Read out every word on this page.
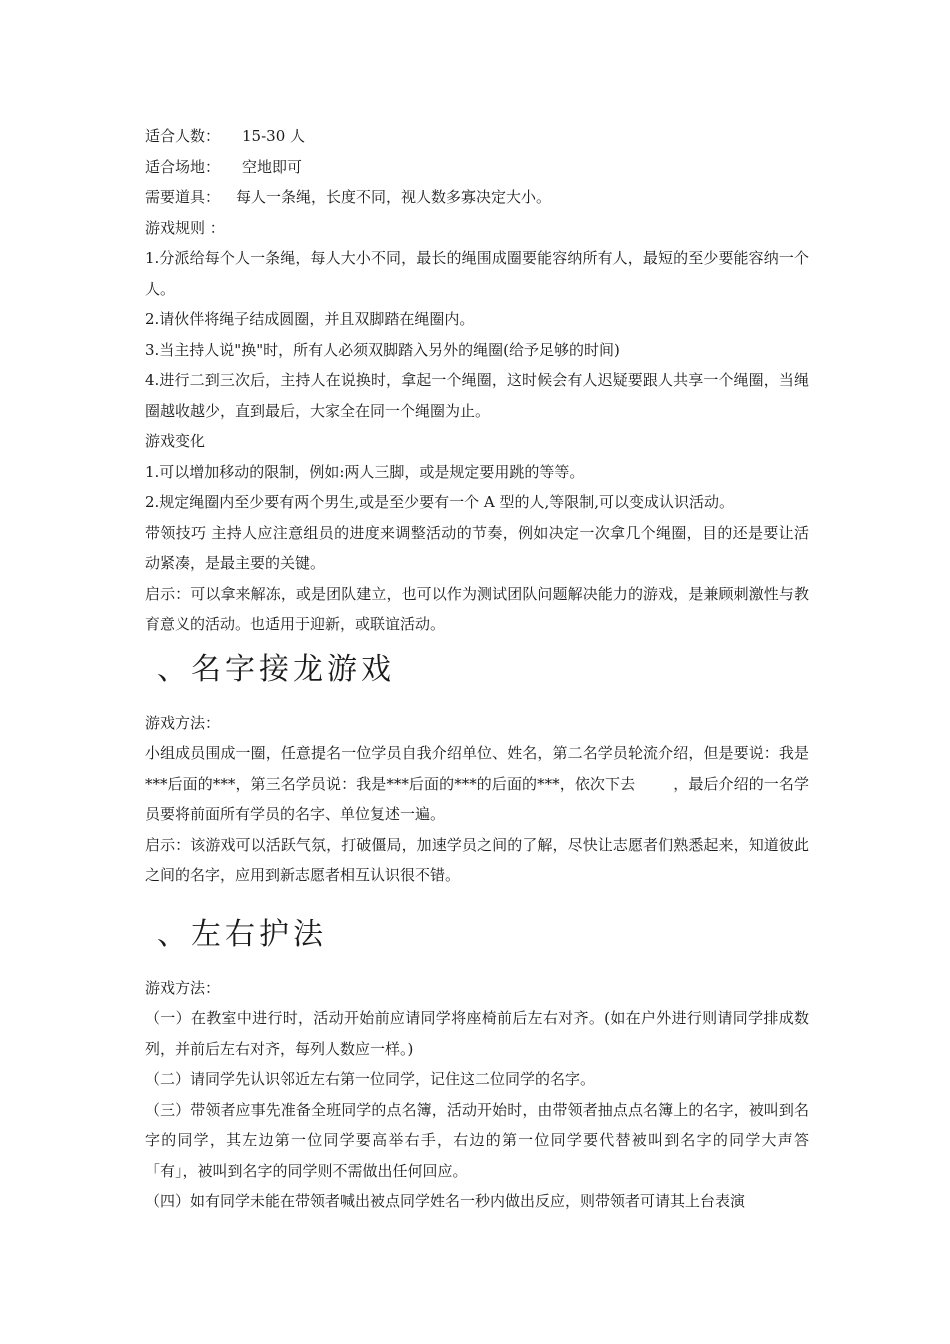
适合人数： 15-30 人

适合场地： 空地即可

需要道具： 每人一条绳，长度不同，视人数多寡决定大小。

游戏规则 ：

1.分派给每个人一条绳，每人大小不同，最长的绳围成圈要能容纳所有人，最短的至少要能容纳一个人。

2.请伙伴将绳子结成圆圈，并且双脚踏在绳圈内。

3.当主持人说"换"时，所有人必须双脚踏入另外的绳圈(给予足够的时间)

4.进行二到三次后，主持人在说换时，拿起一个绳圈，这时候会有人迟疑要跟人共享一个绳圈，当绳圈越收越少，直到最后，大家全在同一个绳圈为止。

游戏变化

1.可以增加移动的限制，例如:两人三脚，或是规定要用跳的等等。

2.规定绳圈内至少要有两个男生,或是至少要有一个 A 型的人,等限制,可以变成认识活动。

带领技巧 主持人应注意组员的进度来调整活动的节奏，例如决定一次拿几个绳圈，目的还是要让活动紧凑，是最主要的关键。

启示：可以拿来解冻，或是团队建立，也可以作为测试团队问题解决能力的游戏，是兼顾刺激性与教育意义的活动。也适用于迎新，或联谊活动。

、名字接龙游戏

游戏方法：

小组成员围成一圈，任意提名一位学员自我介绍单位、姓名，第二名学员轮流介绍，但是要说：我是***后面的***，第三名学员说：我是***后面的***的后面的***，依次下去	，最后介绍的一名学员要将前面所有学员的名字、单位复述一遍。

启示：该游戏可以活跃气氛，打破僵局，加速学员之间的了解，尽快让志愿者们熟悉起来，知道彼此之间的名字，应用到新志愿者相互认识很不错。

、左右护法

游戏方法：

（一）在教室中进行时，活动开始前应请同学将座椅前后左右对齐。(如在户外进行则请同学排成数列，并前后左右对齐，每列人数应一样。)

（二）请同学先认识邻近左右第一位同学，记住这二位同学的名字。

（三）带领者应事先准备全班同学的点名簿，活动开始时，由带领者抽点点名簿上的名字，被叫到名字的同学，其左边第一位同学要高举右手，右边的第一位同学要代替被叫到名字的同学大声答「有」，被叫到名字的同学则不需做出任何回应。

（四）如有同学未能在带领者喊出被点同学姓名一秒内做出反应，则带领者可请其上台表演
